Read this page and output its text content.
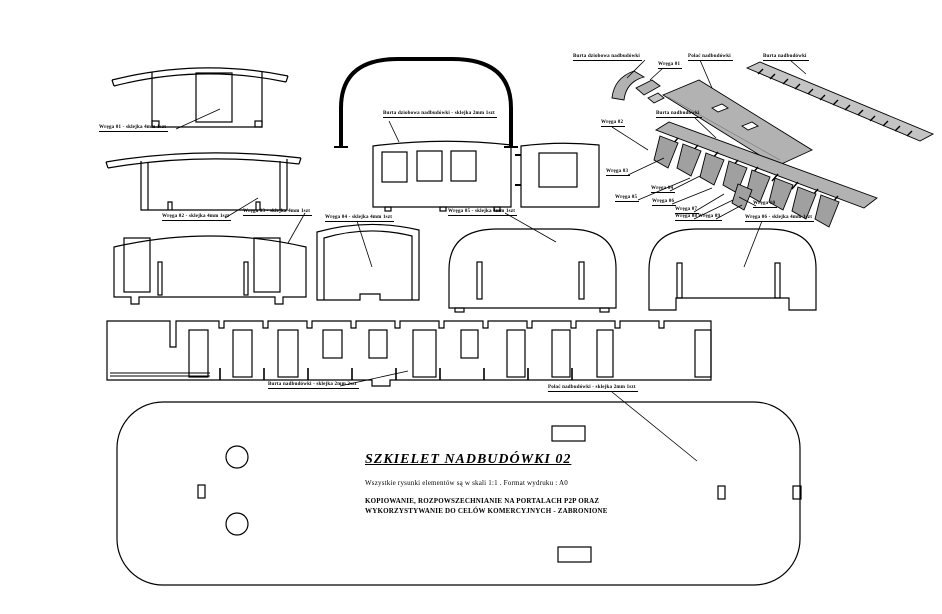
Wręga 01 - sklejka 4mm 1szt
Wręga 02 - sklejka 4mm 1szt
Wręga 03 - sklejka 4mm 1szt
Wręga 04 - sklejka 4mm 1szt
Burta dziobowa nadbudówki - sklejka 2mm 1szt
Wręga 05 - sklejka 4mm 1szt
Wręga 06 - sklejka 4mm 1szt
Burta nadbudówki - sklejka 2mm 2szt
Połać nadbudówki - sklejka 2mm 1szt
Burta dziobowa nadbudówki
Wręga 01
Połać nadbudówki	Burta nadbudówki
Burta nadbudówki
Wręga 02
Wręga 03
Wręga 04
Wręga 05
Wręga 06
Wręga 07
Wręga 08 Wręga 09
Wręga 10
SZKIELET NADBUDÓWKI 02
Wszystkie rysunki elementów są w skali 1:1 . Format wydruku : A0
KOPIOWANIE, ROZPOWSZECHNIANIE NA PORTALACH P2P ORAZ
WYKORZYSTYWANIE DO CELÓW KOMERCYJNYCH - ZABRONIONE
